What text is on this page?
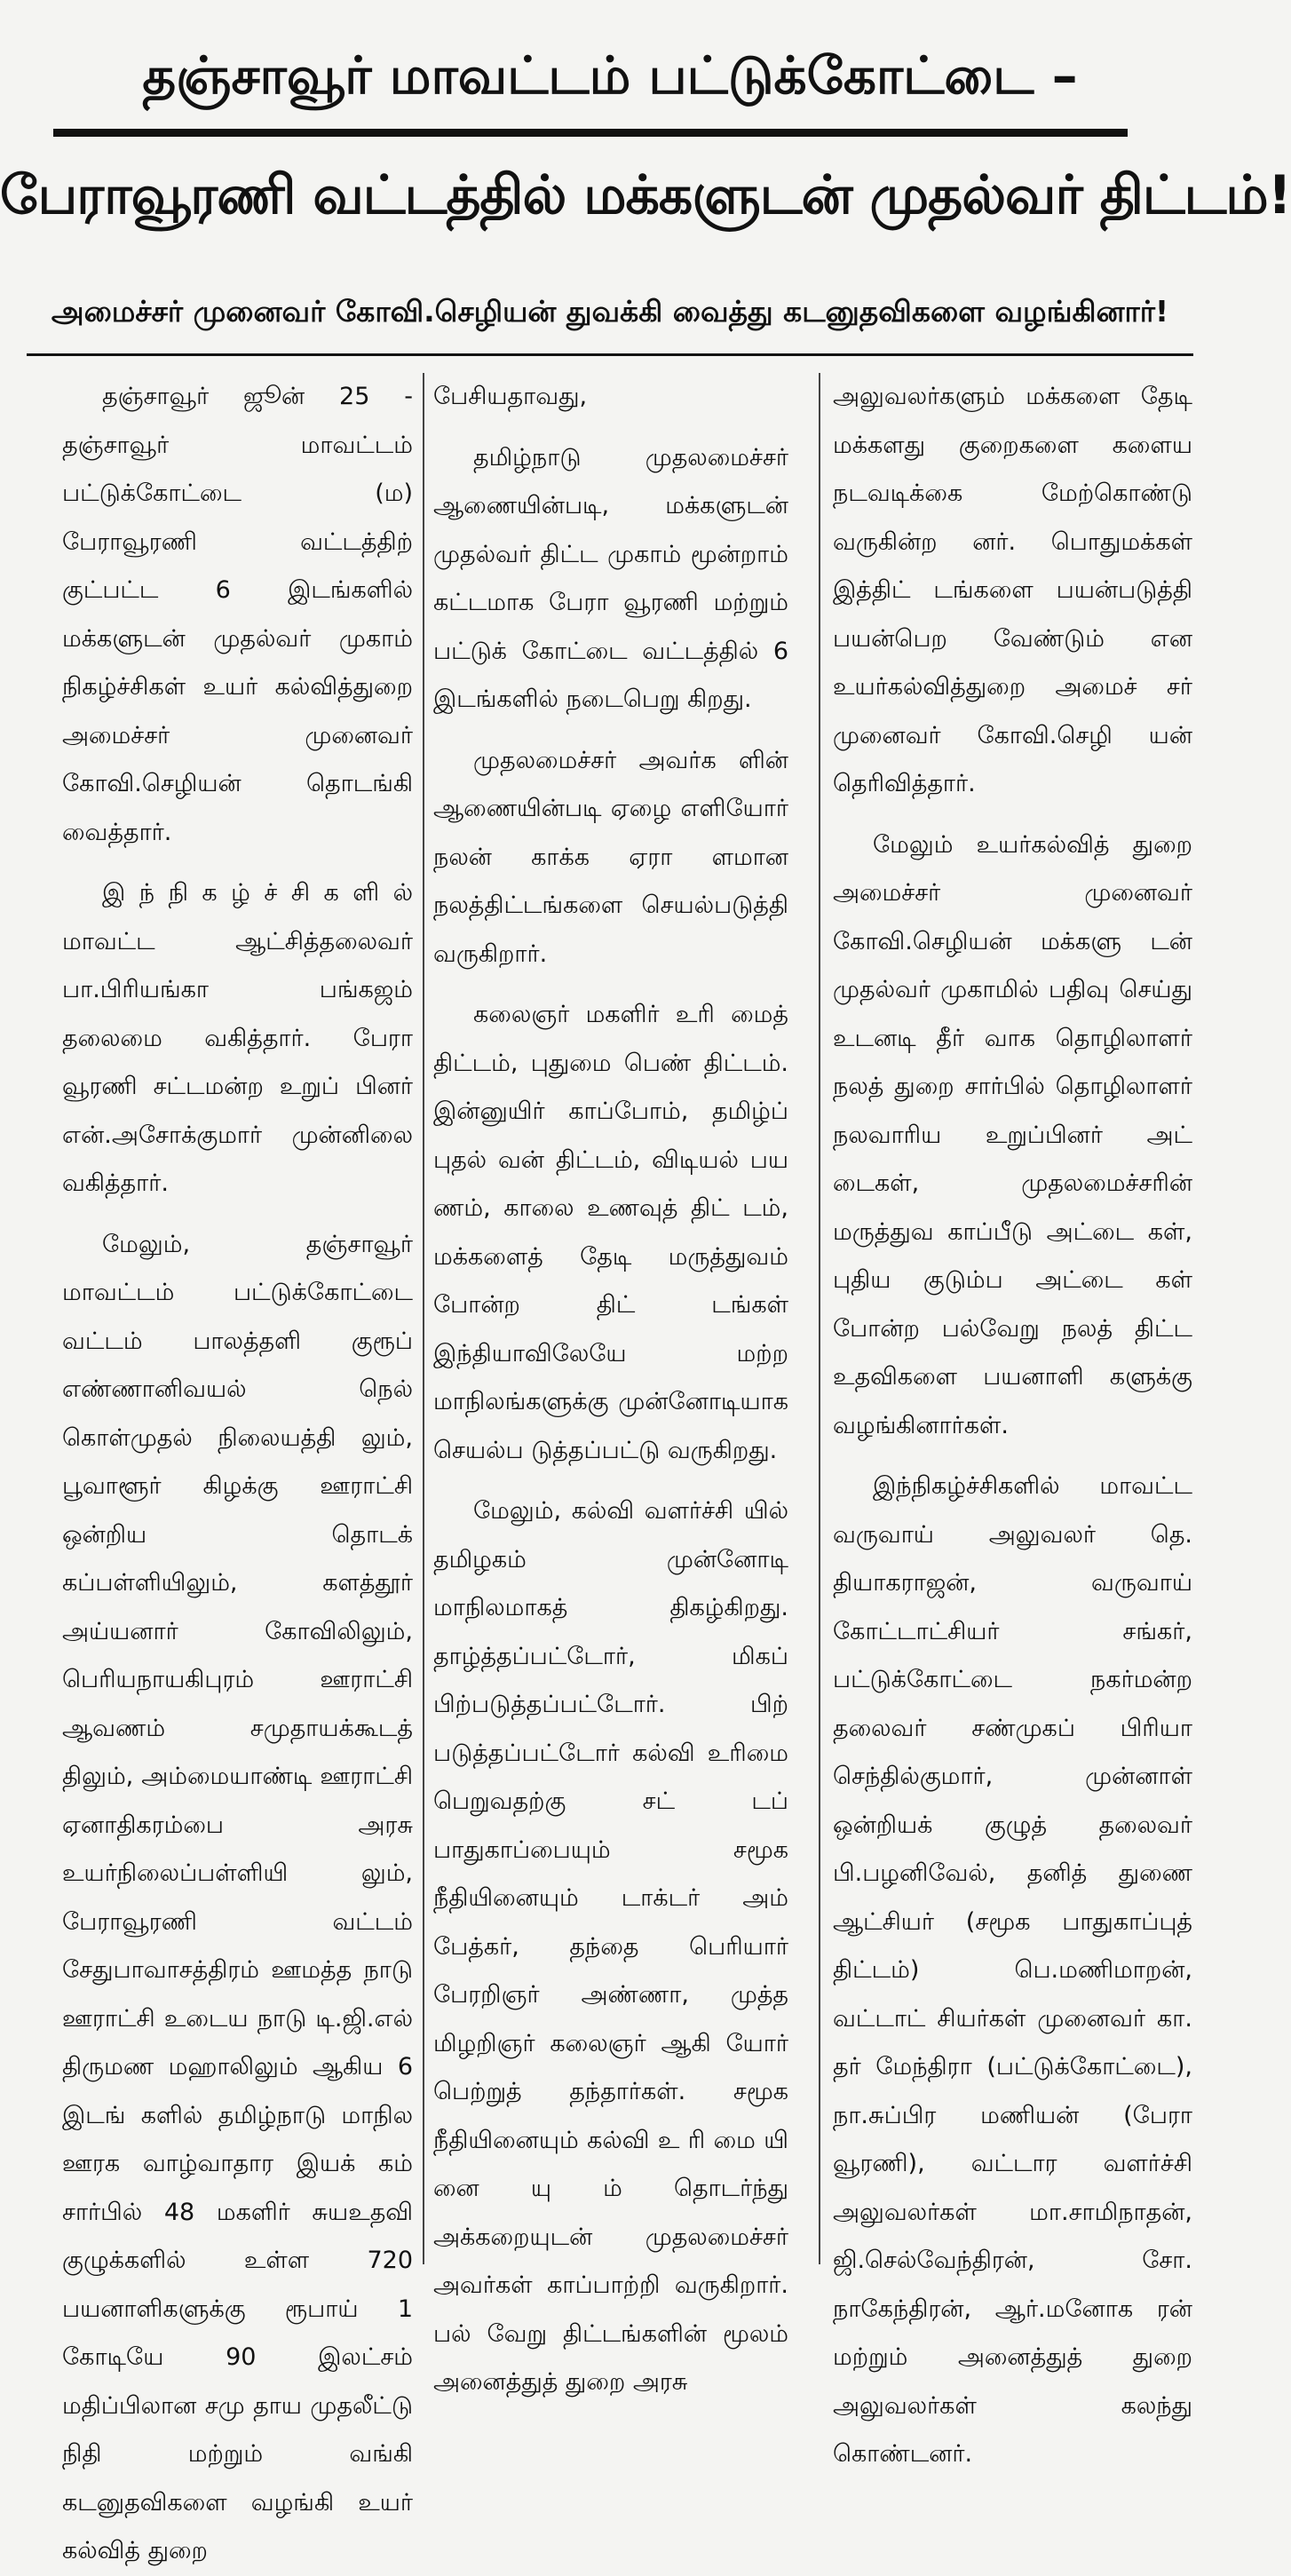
தஞ்சாவூர் மாவட்டம் பட்டுக்கோட்டை –
பேராவூரணி வட்டத்தில் மக்களுடன் முதல்வர் திட்டம்!
அமைச்சர் முனைவர் கோவி.செழியன் துவக்கி வைத்து கடனுதவிகளை வழங்கினார்!

தஞ்சாவூர் ஜூன் 25 - தஞ்சாவூர் மாவட்டம் பட்டுக்கோட்டை (ம) பேராவூரணி வட்டத்திற் குட்பட்ட 6 இடங்களில் மக்களுடன் முதல்வர் முகாம் நிகழ்ச்சிகள் உயர் கல்வித்துறை அமைச்சர் முனைவர் கோவி.செழியன் தொடங்கி வைத்தார்.

இ ந் நி க ழ் ச் சி க ளி ல் மாவட்ட ஆட்சித்தலைவர் பா.பிரியங்கா பங்கஜம் தலைமை வகித்தார். பேரா வூரணி சட்டமன்ற உறுப் பினர் என்.அசோக்குமார் முன்னிலை வகித்தார்.

மேலும், தஞ்சாவூர் மாவட்டம் பட்டுக்கோட்டை வட்டம் பாலத்தளி குரூப் எண்ணானிவயல் நெல் கொள்முதல் நிலையத்தி லும், பூவாளூர் கிழக்கு ஊராட்சி ஒன்றிய தொடக் கப்பள்ளியிலும், களத்தூர் அய்யனார் கோவிலிலும், பெரியநாயகிபுரம் ஊராட்சி ஆவணம் சமுதாயக்கூடத் திலும், அம்மையாண்டி ஊராட்சி ஏனாதிகரம்பை அரசு உயர்நிலைப்பள்ளியி லும், பேராவூரணி வட்டம் சேதுபாவாசத்திரம் ஊமத்த நாடு ஊராட்சி உடைய நாடு டி.ஜி.எல் திருமண மஹாலிலும் ஆகிய 6 இடங் களில் தமிழ்நாடு மாநில ஊரக வாழ்வாதார இயக் கம் சார்பில் 48 மகளிர் சுயஉதவி குழுக்களில் உள்ள 720 பயனாளிகளுக்கு ரூபாய் 1 கோடியே 90 இலட்சம் மதிப்பிலான சமு தாய முதலீட்டு நிதி மற்றும் வங்கி கடனுதவிகளை வழங்கி உயர் கல்வித் துறை

பேசியதாவது,

தமிழ்நாடு முதலமைச்சர் ஆணையின்படி, மக்களுடன் முதல்வர் திட்ட முகாம் மூன்றாம் கட்டமாக பேரா வூரணி மற்றும் பட்டுக் கோட்டை வட்டத்தில் 6 இடங்களில் நடைபெறு கிறது.

முதலமைச்சர் அவர்க ளின் ஆணையின்படி ஏழை எளியோர் நலன் காக்க ஏரா ளமான நலத்திட்டங்களை செயல்படுத்தி வருகிறார்.

கலைஞர் மகளிர் உரி மைத் திட்டம், புதுமை பெண் திட்டம். இன்னுயிர் காப்போம், தமிழ்ப் புதல் வன் திட்டம், விடியல் பய ணம், காலை உணவுத் திட் டம், மக்களைத் தேடி மருத்துவம் போன்ற திட் டங்கள் இந்தியாவிலேயே மற்ற மாநிலங்களுக்கு முன்னோடியாக செயல்ப டுத்தப்பட்டு வருகிறது.

மேலும், கல்வி வளர்ச்சி யில் தமிழகம் முன்னோடி மாநிலமாகத் திகழ்கிறது. தாழ்த்தப்பட்டோர், மிகப் பிற்படுத்தப்பட்டோர். பிற் படுத்தப்பட்டோர் கல்வி உரிமை பெறுவதற்கு சட் டப் பாதுகாப்பையும் சமூக நீதியினையும் டாக்டர் அம் பேத்கர், தந்தை பெரியார் பேரறிஞர் அண்ணா, முத்த மிழறிஞர் கலைஞர் ஆகி யோர் பெற்றுத் தந்தார்கள். சமூக நீதியினையும் கல்வி உ ரி மை யி னை யு ம் தொடர்ந்து அக்கறையுடன் முதலமைச்சர் அவர்கள் காப்பாற்றி வருகிறார். பல் வேறு திட்டங்களின் மூலம் அனைத்துத் துறை அரசு

அலுவலர்களும் மக்களை தேடி மக்களது குறைகளை களைய நடவடிக்கை மேற்கொண்டு வருகின்ற னர். பொதுமக்கள் இத்திட் டங்களை பயன்படுத்தி பயன்பெற வேண்டும் என உயர்கல்வித்துறை அமைச் சர் முனைவர் கோவி.செழி யன் தெரிவித்தார்.

மேலும் உயர்கல்வித் துறை அமைச்சர் முனைவர் கோவி.செழியன் மக்களு டன் முதல்வர் முகாமில் பதிவு செய்து உடனடி தீர் வாக தொழிலாளர் நலத் துறை சார்பில் தொழிலாளர் நலவாரிய உறுப்பினர் அட் டைகள், முதலமைச்சரின் மருத்துவ காப்பீடு அட்டை கள், புதிய குடும்ப அட்டை கள் போன்ற பல்வேறு நலத் திட்ட உதவிகளை பயனாளி களுக்கு வழங்கினார்கள்.

இந்நிகழ்ச்சிகளில் மாவட்ட வருவாய் அலுவலர் தெ. தியாகராஜன், வருவாய் கோட்டாட்சியர் சங்கர், பட்டுக்கோட்டை நகர்மன்ற தலைவர் சண்முகப் பிரியா செந்தில்குமார், முன்னாள் ஒன்றியக் குழுத் தலைவர் பி.பழனிவேல், தனித் துணை ஆட்சியர் (சமூக பாதுகாப்புத் திட்டம்) பெ.மணிமாறன், வட்டாட் சியர்கள் முனைவர் கா. தர் மேந்திரா (பட்டுக்கோட்டை), நா.சுப்பிர மணியன் (பேரா வூரணி), வட்டார வளர்ச்சி அலுவலர்கள் மா.சாமிநாதன், ஜி.செல்வேந்திரன், சோ. நாகேந்திரன், ஆர்.மனோக ரன் மற்றும் அனைத்துத் துறை அலுவலர்கள் கலந்து கொண்டனர்.
